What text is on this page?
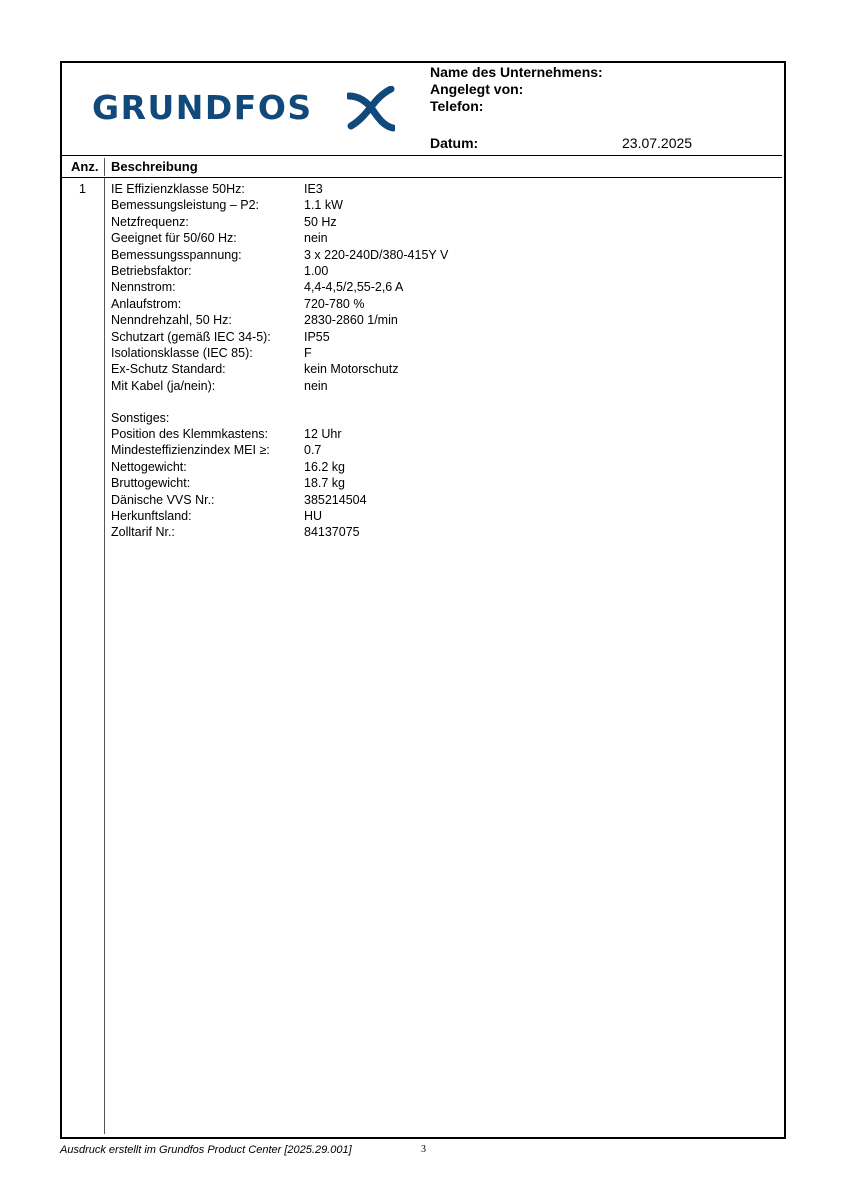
GRUNDFOS
Name des Unternehmens:
Angelegt von:
Telefon:
Datum:	23.07.2025
Anz. Beschreibung
1 IE Effizienzklasse 50Hz:	IE3
Bemessungsleistung – P2:	1.1 kW
Netzfrequenz:	50 Hz
Geeignet für 50/60 Hz:	nein
Bemessungsspannung:	3 x 220-240D/380-415Y V
Betriebsfaktor:	1.00
Nennstrom:	4,4-4,5/2,55-2,6 A
Anlaufstrom:	720-780 %
Nenndrehzahl, 50 Hz:	2830-2860 1/min
Schutzart (gemäß IEC 34-5):	IP55
Isolationsklasse (IEC 85):	F
Ex-Schutz Standard:	kein Motorschutz
Mit Kabel (ja/nein):	nein
Sonstiges:
Position des Klemmkastens:	12 Uhr
Mindesteffizienzindex MEI ≥:	0.7
Nettogewicht:	16.2 kg
Bruttogewicht:	18.7 kg
Dänische VVS Nr.:	385214504
Herkunftsland:	HU
Zolltarif Nr.:	84137075
Ausdruck erstellt im Grundfos Product Center [2025.29.001]	3
